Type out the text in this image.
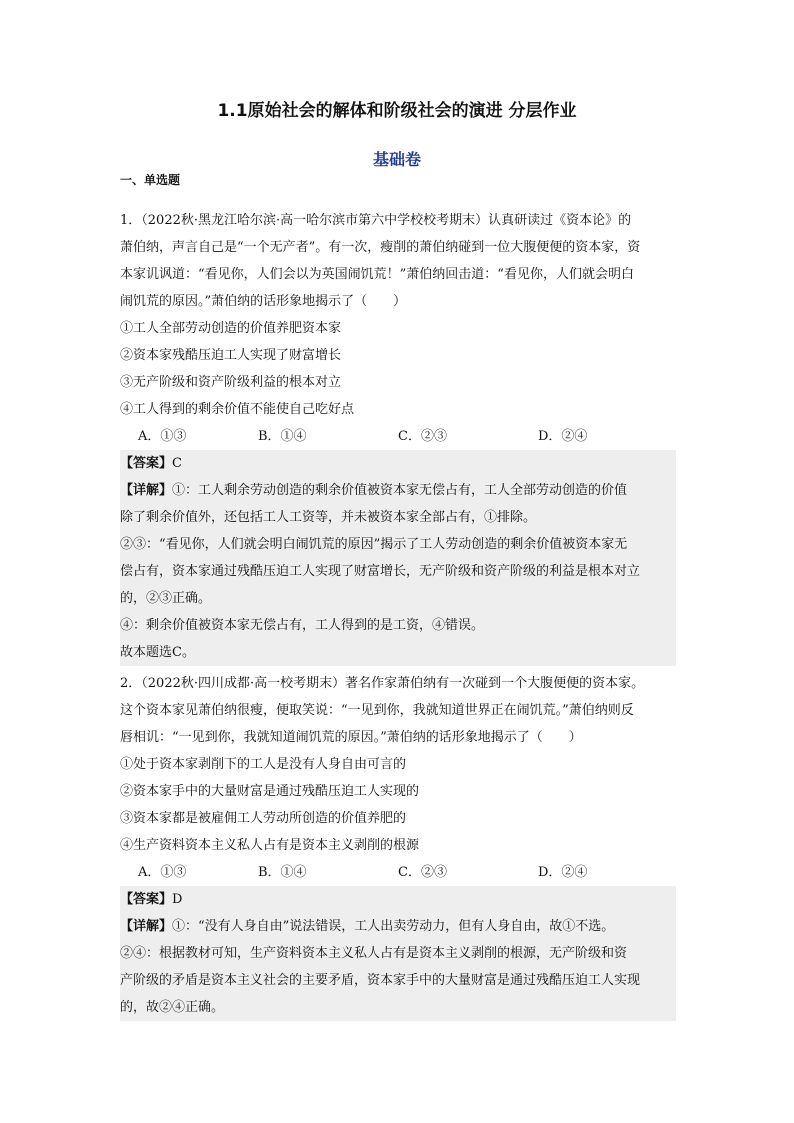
1.1原始社会的解体和阶级社会的演进 分层作业
基础卷
一、单选题
1．（2022秋·黑龙江哈尔滨·高一哈尔滨市第六中学校校考期末）认真研读过《资本论》的
萧伯纳，声言自己是“一个无产者”。有一次，瘦削的萧伯纳碰到一位大腹便便的资本家，资
本家讥讽道：“看见你，人们会以为英国闹饥荒！”萧伯纳回击道：“看见你，人们就会明白
闹饥荒的原因。”萧伯纳的话形象地揭示了（　　）
①工人全部劳动创造的价值养肥资本家
②资本家残酷压迫工人实现了财富增长
③无产阶级和资产阶级利益的根本对立
④工人得到的剩余价值不能使自己吃好点
A．①③	B．①④	C．②③	D．②④
【答案】C
【详解】①：工人剩余劳动创造的剩余价值被资本家无偿占有，工人全部劳动创造的价值
除了剩余价值外，还包括工人工资等，并未被资本家全部占有，①排除。
②③：“看见你，人们就会明白闹饥荒的原因”揭示了工人劳动创造的剩余价值被资本家无
偿占有，资本家通过残酷压迫工人实现了财富增长，无产阶级和资产阶级的利益是根本对立
的，②③正确。
④：剩余价值被资本家无偿占有，工人得到的是工资，④错误。
故本题选C。
2．（2022秋·四川成都·高一校考期末）著名作家萧伯纳有一次碰到一个大腹便便的资本家。
这个资本家见萧伯纳很瘦，便取笑说：“一见到你，我就知道世界正在闹饥荒。”萧伯纳则反
唇相讥：“一见到你，我就知道闹饥荒的原因。”萧伯纳的话形象地揭示了（　　）
①处于资本家剥削下的工人是没有人身自由可言的
②资本家手中的大量财富是通过残酷压迫工人实现的
③资本家都是被雇佣工人劳动所创造的价值养肥的
④生产资料资本主义私人占有是资本主义剥削的根源
A．①③	B．①④	C．②③	D．②④
【答案】D
【详解】①：“没有人身自由”说法错误，工人出卖劳动力，但有人身自由，故①不选。
②④：根据教材可知，生产资料资本主义私人占有是资本主义剥削的根源，无产阶级和资
产阶级的矛盾是资本主义社会的主要矛盾，资本家手中的大量财富是通过残酷压迫工人实现
的，故②④正确。
